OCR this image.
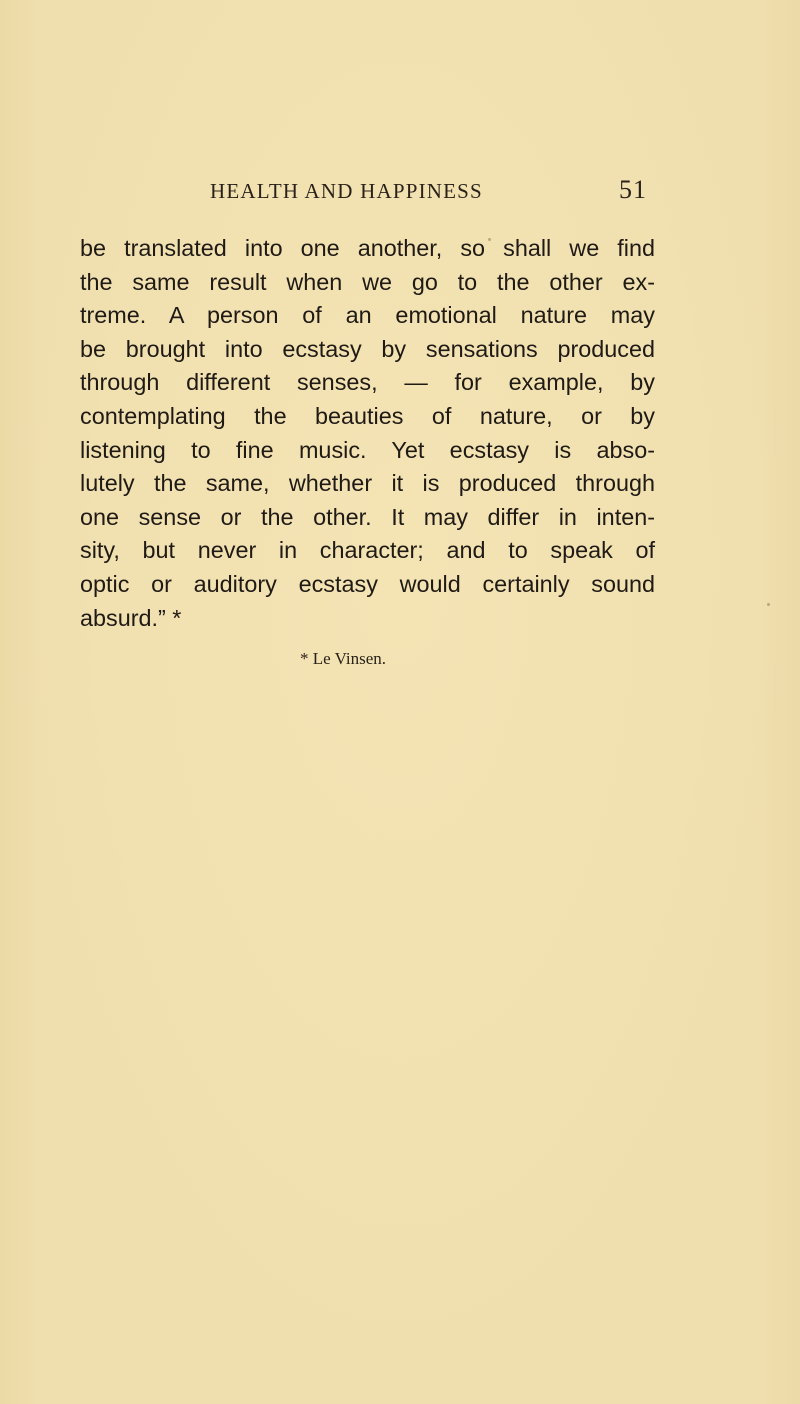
HEALTH AND HAPPINESS	51
be translated into one another, so shall we find
the same result when we go to the other ex-
treme. A person of an emotional nature may
be brought into ecstasy by sensations produced
through different senses, — for example, by
contemplating the beauties of nature, or by
listening to fine music. Yet ecstasy is abso-
lutely the same, whether it is produced through
one sense or the other. It may differ in inten-
sity, but never in character; and to speak of
optic or auditory ecstasy would certainly sound
absurd.” *
* Le Vinsen.
